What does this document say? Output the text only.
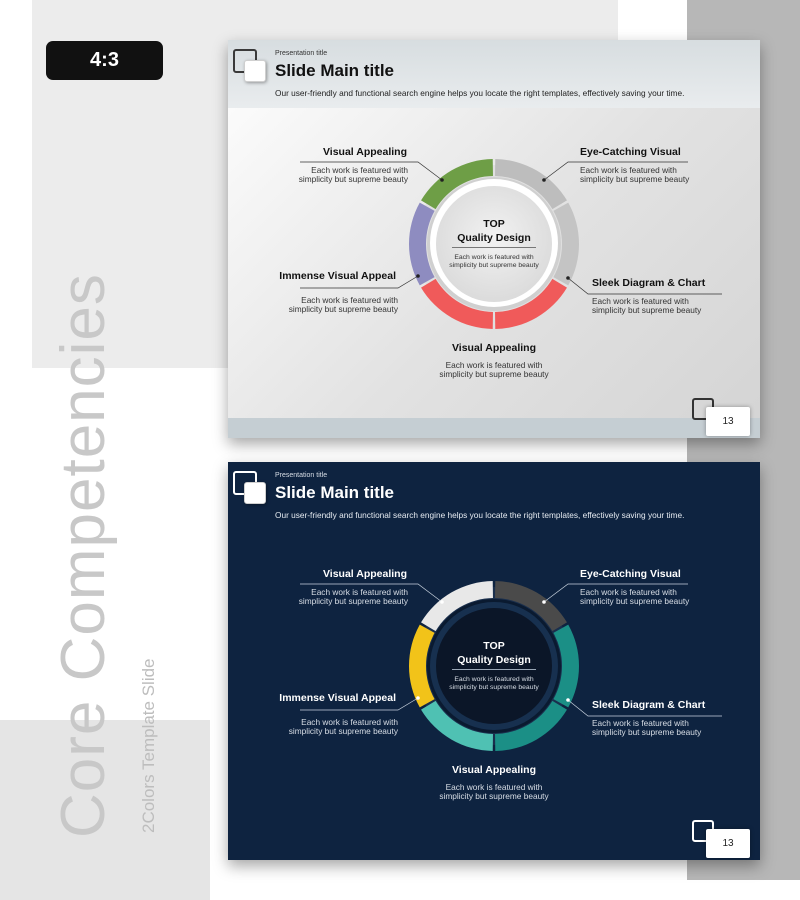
4:3
Core Competencies 2Colors Template Slide
Presentation title
Slide Main title
Our user-friendly and functional search engine helps you locate the right templates, effectively saving your time.
Visual Appealing
Each work is featured with
simplicity but supreme beauty
Eye-Catching Visual
Each work is featured with
simplicity but supreme beauty
Immense Visual Appeal
Each work is featured with
simplicity but supreme beauty
Sleek Diagram & Chart
Each work is featured with
simplicity but supreme beauty
Visual Appealing
Each work is featured with
simplicity but supreme beauty
TOP
Quality Design
Each work is featured with
simplicity but supreme beauty
13
Presentation title
Slide Main title
Our user-friendly and functional search engine helps you locate the right templates, effectively saving your time.
Visual Appealing
Each work is featured with
simplicity but supreme beauty
Eye-Catching Visual
Each work is featured with
simplicity but supreme beauty
Immense Visual Appeal
Each work is featured with
simplicity but supreme beauty
Sleek Diagram & Chart
Each work is featured with
simplicity but supreme beauty
Visual Appealing
Each work is featured with
simplicity but supreme beauty
TOP
Quality Design
Each work is featured with
simplicity but supreme beauty
13
